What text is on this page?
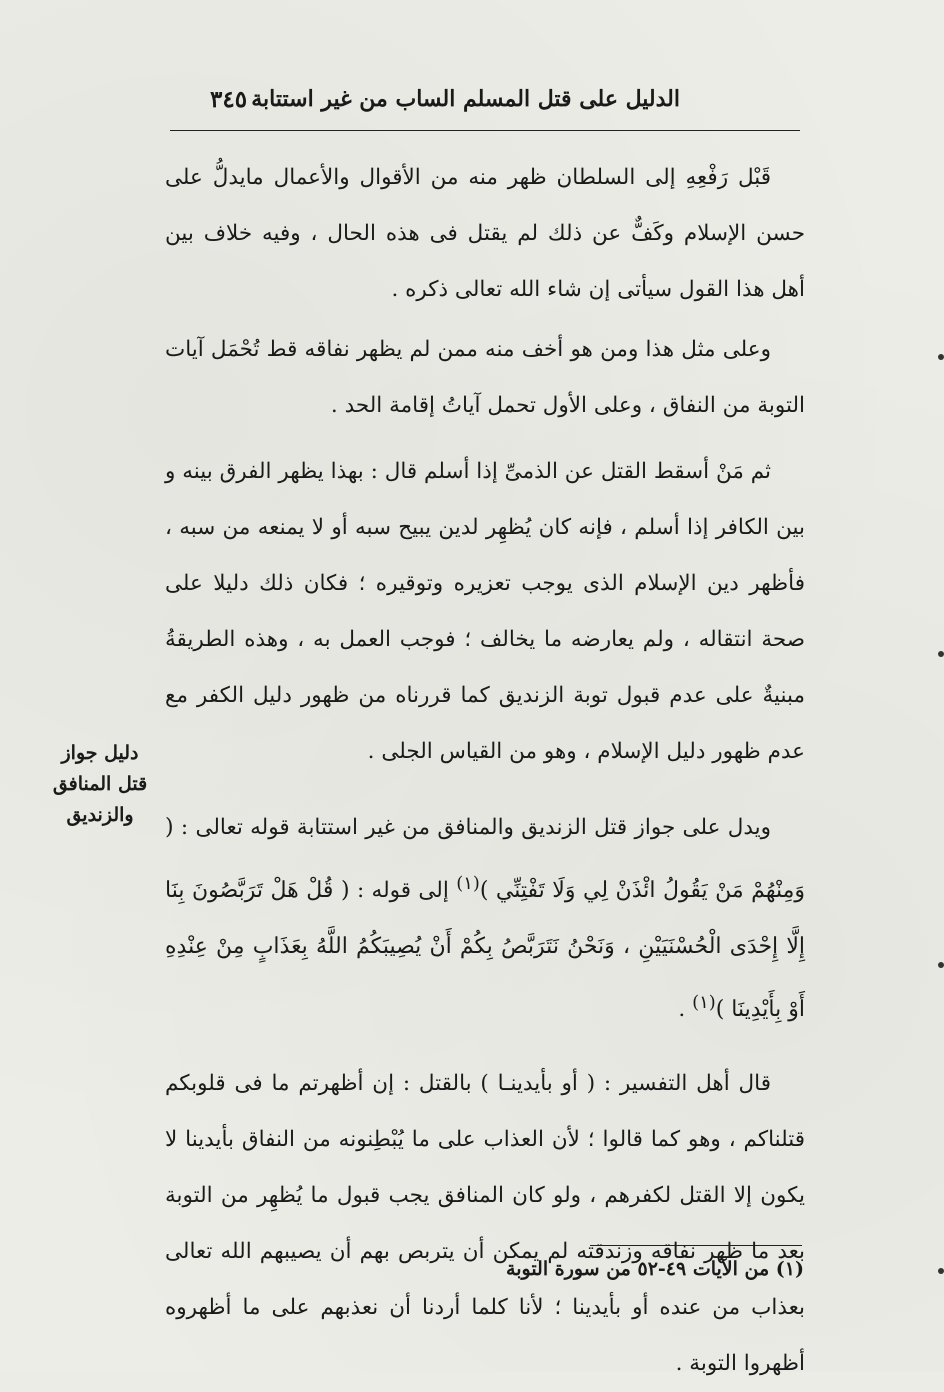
الدليل على قتل المسلم الساب من غير استتابة
٣٤٥

قَبْل رَفْعِهِ إلى السلطان ظهر منه من الأقوال والأعمال مايدلُّ على حسن الإسلام وكَفٌّ عن ذلك لم يقتل فى هذه الحال ، وفيه خلاف بين أهل هذا القول سيأتى إن شاء الله تعالى ذكره .

وعلى مثل هذا ومن هو أخف منه ممن لم يظهر نفاقه قط تُحْمَل آيات التوبة من النفاق ، وعلى الأول تحمل آياتُ إقامة الحد .

ثم مَنْ أسقط القتل عن الذمىِّ إذا أسلم قال : بهذا يظهر الفرق بينه و بين الكافر إذا أسلم ، فإنه كان يُظهِر لدين يبيح سبه أو لا يمنعه من سبه ، فأظهر دين الإسلام الذى يوجب تعزيره وتوقيره ؛ فكان ذلك دليلا على صحة انتقاله ، ولم يعارضه ما يخالف ؛ فوجب العمل به ، وهذه الطريقةُ مبنيةٌ على عدم قبول توبة الزنديق كما قررناه من ظهور دليل الكفر مع عدم ظهور دليل الإسلام ، وهو من القياس الجلى .

ويدل على جواز قتل الزنديق والمنافق من غير استتابة قوله تعالى : ( وَمِنْهُمْ مَنْ يَقُولُ ائْذَنْ لِي وَلَا تَفْتِنِّي )$^{(١)}$ إلى قوله : ( قُلْ هَلْ تَرَبَّصُونَ بِنَا إِلَّا إِحْدَى الْحُسْنَيَيْنِ ، وَنَحْنُ نَتَرَبَّصُ بِكُمْ أَنْ يُصِيبَكُمُ اللَّهُ بِعَذَابٍ مِنْ عِنْدِهِ أَوْ بِأَيْدِينَا )$^{(١)}$ .

قال أهل التفسير : ( أو بأيدينـا ) بالقتل : إن أظهرتم ما فى قلوبكم قتلناكم ، وهو كما قالوا ؛ لأن العذاب على ما يُبْطِنونه من النفاق بأيدينا لا يكون إلا القتل لكفرهم ، ولو كان المنافق يجب قبول ما يُظهِر من التوبة بعد ما ظهر نفاقه وزندقته لم يمكن أن يتربص بهم أن يصيبهم الله تعالى بعذاب من عنده أو بأيدينا ؛ لأنا كلما أردنا أن نعذبهم على ما أظهروه أظهروا التوبة .

دليل جواز
قتل المنافق
والزنديق
(١) من الآيات ٤٩-٥٢ من سورة التوبة
